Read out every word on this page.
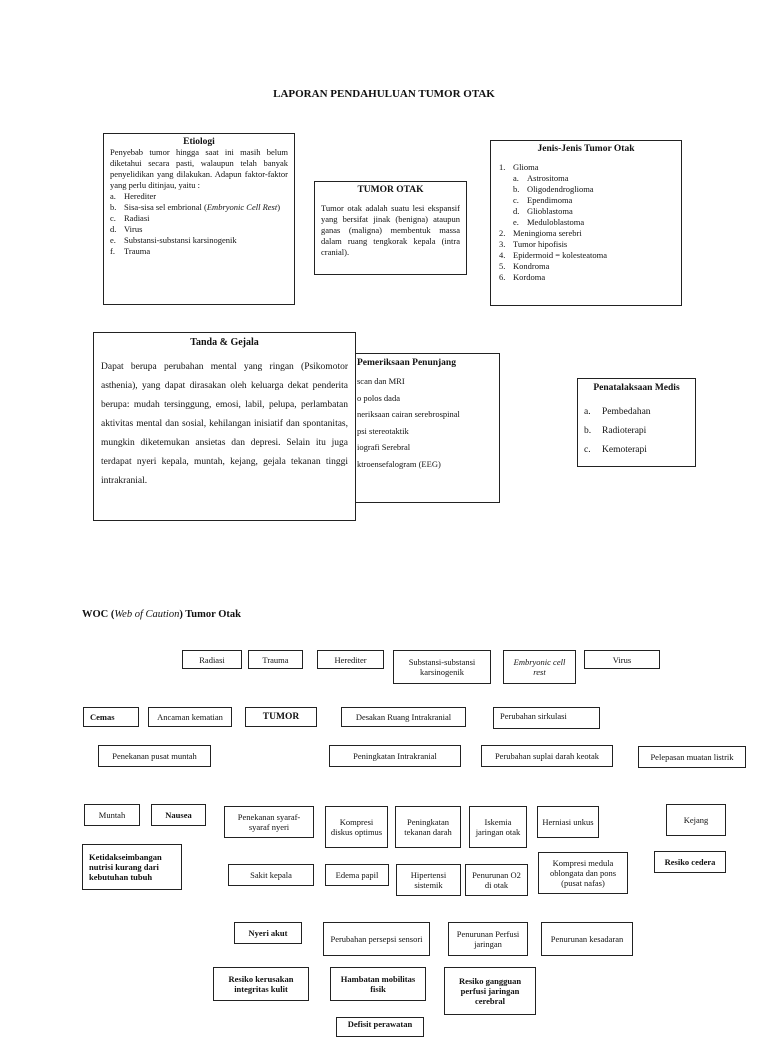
LAPORAN PENDAHULUAN TUMOR OTAK
Etiologi
Penyebab tumor hingga saat ini masih belum diketahui secara pasti, walaupun telah banyak penyelidikan yang dilakukan. Adapun faktor-faktor yang perlu ditinjau, yaitu :
a. Herediter
b. Sisa-sisa sel embrional (Embryonic Cell Rest)
c. Radiasi
d. Virus
e. Substansi-substansi karsinogenik
f.	Trauma
TUMOR OTAK
Tumor otak adalah suatu lesi ekspansif yang bersifat jinak (benigna) ataupun ganas (maligna) membentuk massa dalam ruang tengkorak kepala (intra cranial).
Jenis-Jenis Tumor Otak
1. Glioma
a. Astrositoma
b. Oligodendroglioma
c. Ependimoma
d. Glioblastoma
e. Meduloblastoma
2. Meningioma serebri
3. Tumor hipofisis
4. Epidermoid = kolesteatoma
5. Kondroma
6. Kordoma
Pemeriksaan Penunjang
scan dan MRI
o polos dada
neriksaan cairan serebrospinal
psi stereotaktik
iografi Serebral
ktroensefalogram (EEG)
Tanda & Gejala
Dapat berupa perubahan mental yang ringan (Psikomotor asthenia), yang dapat dirasakan oleh keluarga dekat penderita berupa: mudah tersinggung, emosi, labil, pelupa, perlambatan aktivitas mental dan sosial, kehilangan inisiatif dan spontanitas, mungkin diketemukan ansietas dan depresi. Selain itu juga terdapat nyeri kepala, muntah, kejang, gejala tekanan tinggi intrakranial.
Penatalaksaan Medis
a.	Pembedahan
b.	Radioterapi
c.	Kemoterapi
WOC (Web of Caution) Tumor Otak
Radiasi	Trauma	Herediter	Substansi-substansi karsinogenik
Embryonic cell rest
Virus
Cemas	Ancaman kematian	TUMOR	Desakan Ruang Intrakranial	Perubahan sirkulasi
Penekanan pusat muntah	Peningkatan Intrakranial	Perubahan suplai darah keotak	Pelepasan muatan listrik
Muntah	Nausea	Penekanan syaraf-syaraf nyeri	Kompresi diskus optimus
Peningkatan tekanan darah
Iskemia jaringan otak
Herniasi unkus	Kejang
Ketidakseimbangan nutrisi kurang dari kebutuhan tubuh	Sakit kepala	Edema papil	Hipertensi sistemik
Penurunan O2 di otak
Kompresi medula oblongata dan pons (pusat nafas)
Resiko cedera
Nyeri akut
Perubahan persepsi sensori	Penurunan Perfusi jaringan	Penurunan kesadaran
Resiko kerusakan integritas kulit
Hambatan mobilitas fisik
Resiko gangguan perfusi jaringan cerebral
Defisit perawatan
